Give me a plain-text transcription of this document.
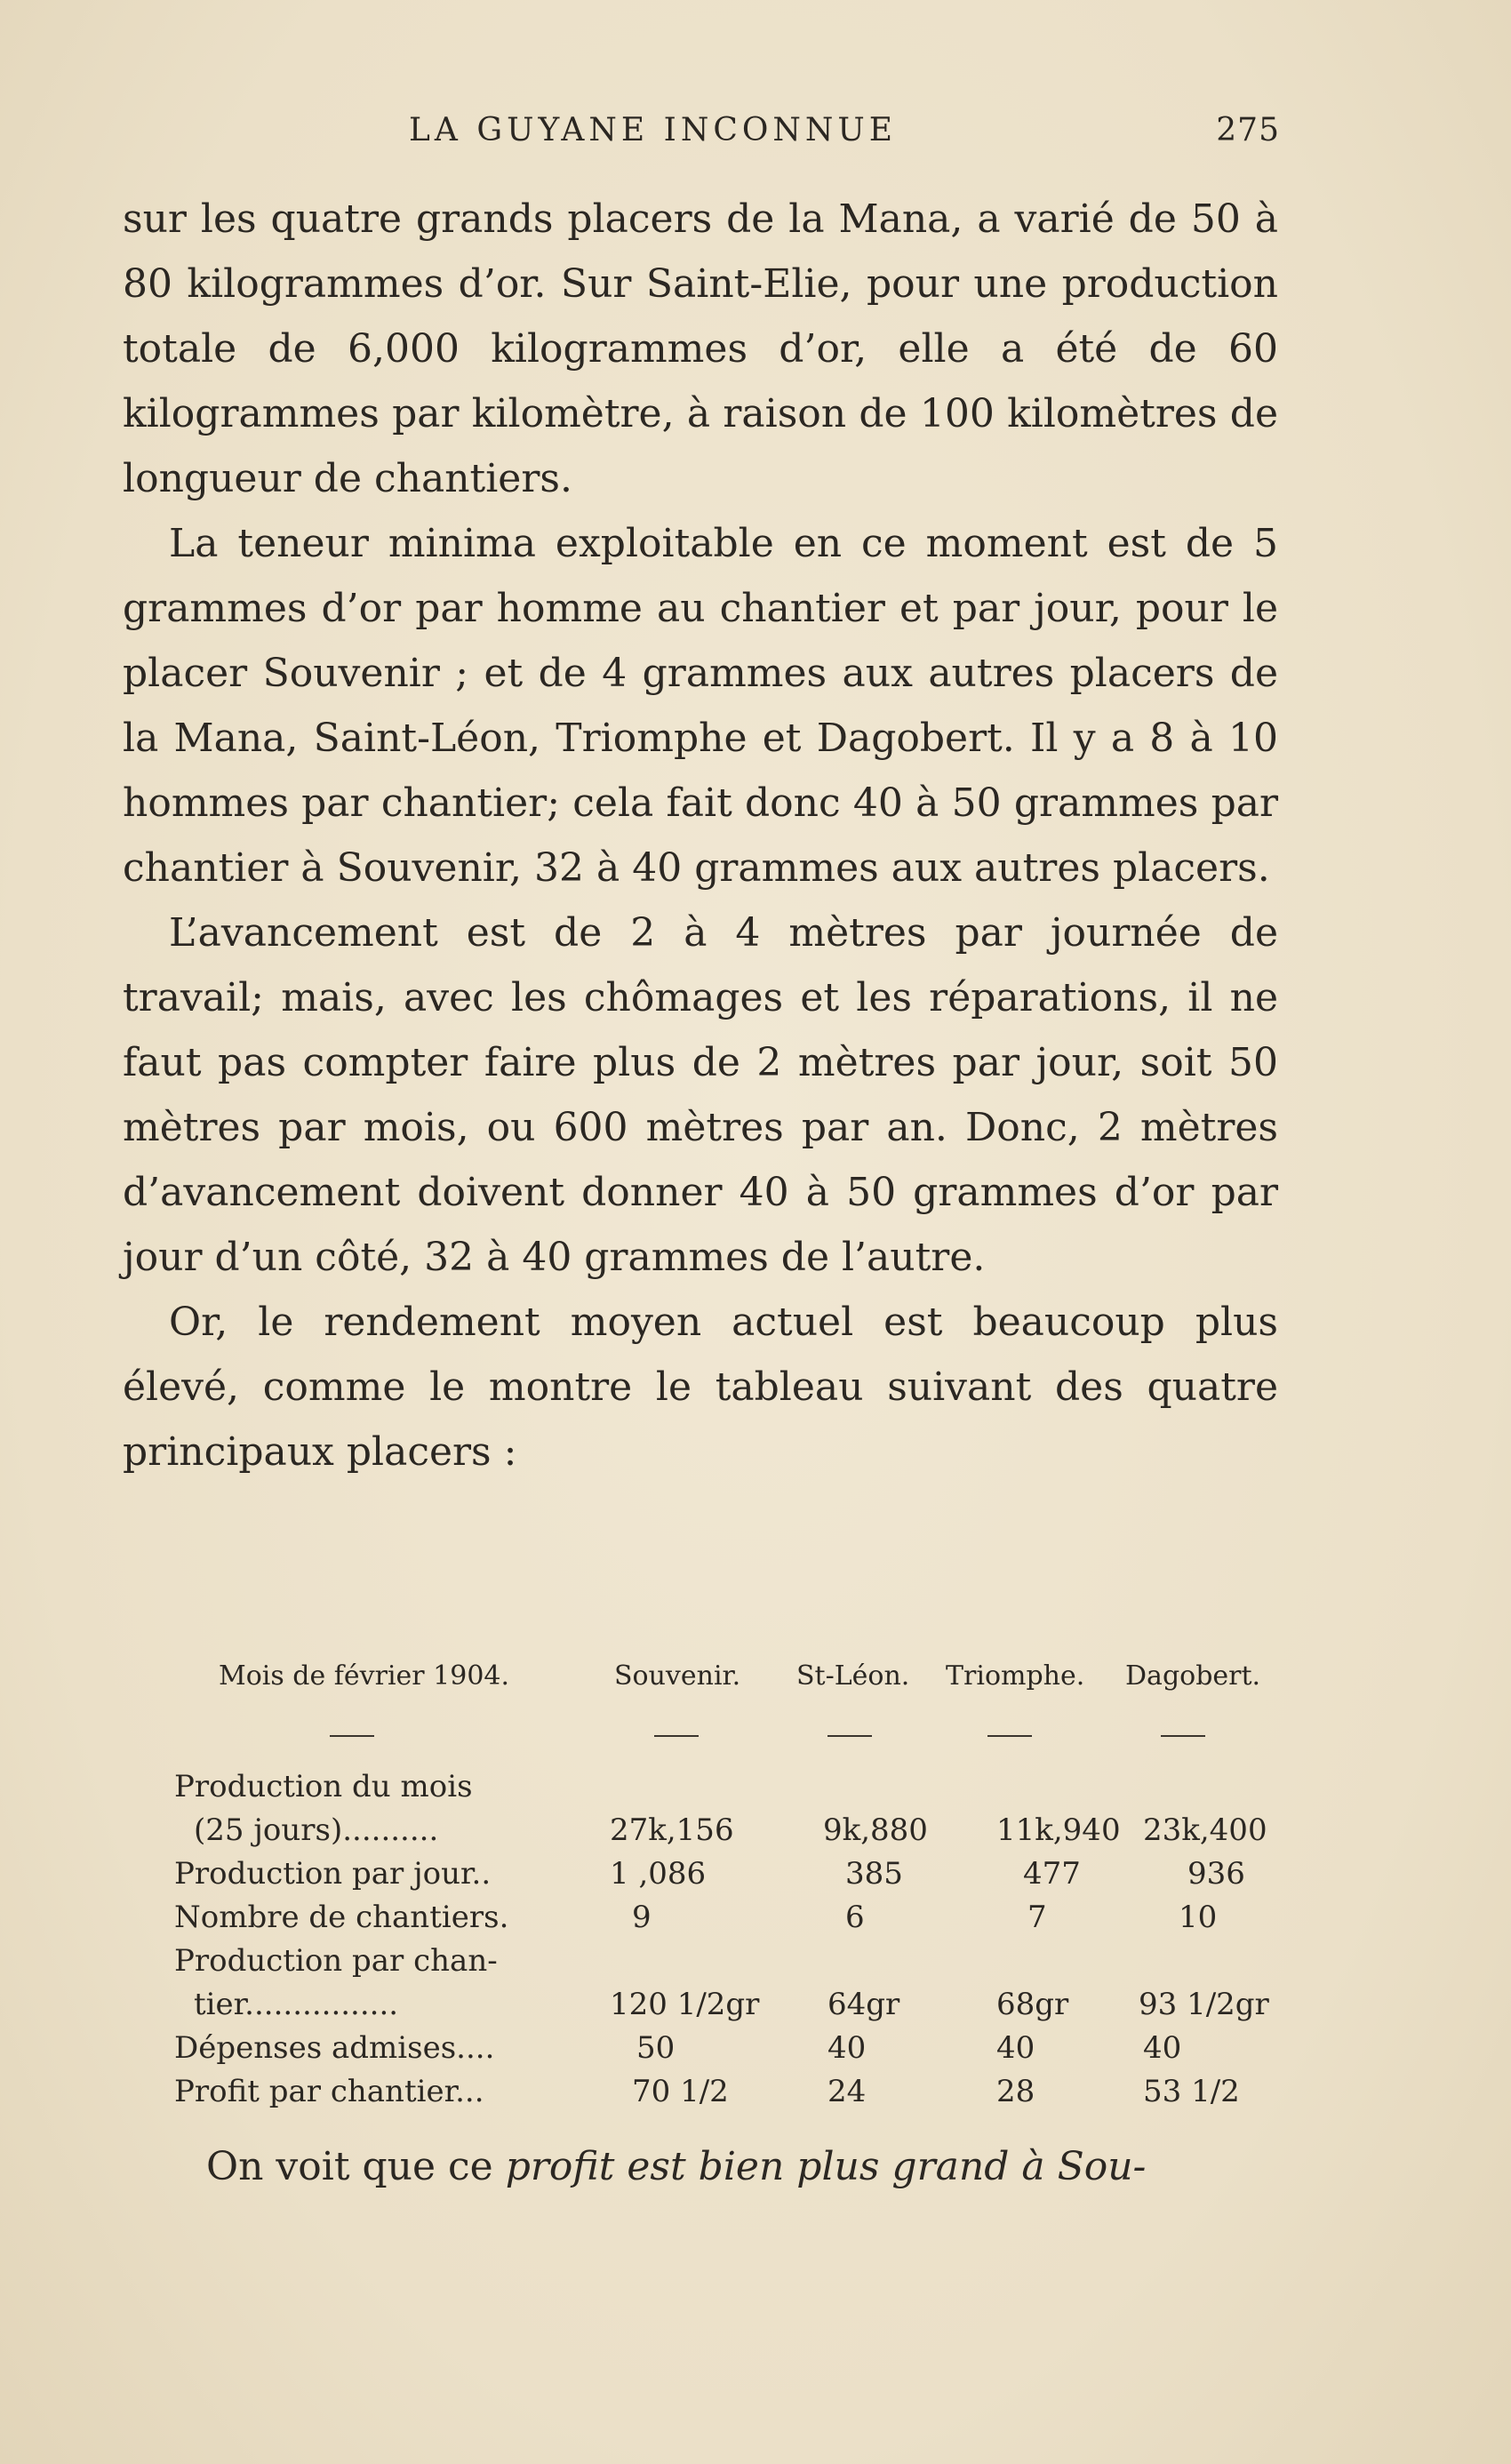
LA GUYANE INCONNUE	275

sur les quatre grands placers de la Mana, a varié de 50 à 80 kilogrammes d’or. Sur Saint-Elie, pour une production totale de 6,000 kilogrammes d’or, elle a été de 60 kilogrammes par kilomètre, à raison de 100 kilomètres de longueur de chantiers.

La teneur minima exploitable en ce moment est de 5 grammes d’or par homme au chantier et par jour, pour le placer Souvenir ; et de 4 grammes aux autres placers de la Mana, Saint-Léon, Triomphe et Dagobert. Il y a 8 à 10 hommes par chantier; cela fait donc 40 à 50 grammes par chantier à Souvenir, 32 à 40 grammes aux autres placers.

L’avancement est de 2 à 4 mètres par journée de travail; mais, avec les chômages et les réparations, il ne faut pas compter faire plus de 2 mètres par jour, soit 50 mètres par mois, ou 600 mètres par an. Donc, 2 mètres d’avancement doivent donner 40 à 50 grammes d’or par jour d’un côté, 32 à 40 grammes de l’autre.

Or, le rendement moyen actuel est beaucoup plus élevé, comme le montre le tableau suivant des quatre principaux placers :

Mois de février 1904.	Souvenir. St-Léon. Triomphe. Dagobert.
Production du mois
(25 jours)..........	27k,156	9k,880 11k,940 23k,400
Production par jour..	1 ,086	385	477	936
Nombre de chantiers.	9	6	7	10
Production par chan-
tier................	120 1/2gr 64gr	68gr 93 1/2gr
Dépenses admises....	50	40	40	40
Profit par chantier...	70 1/2	24	28	53 1/2
On voit que ce profit est bien plus grand à Sou-
